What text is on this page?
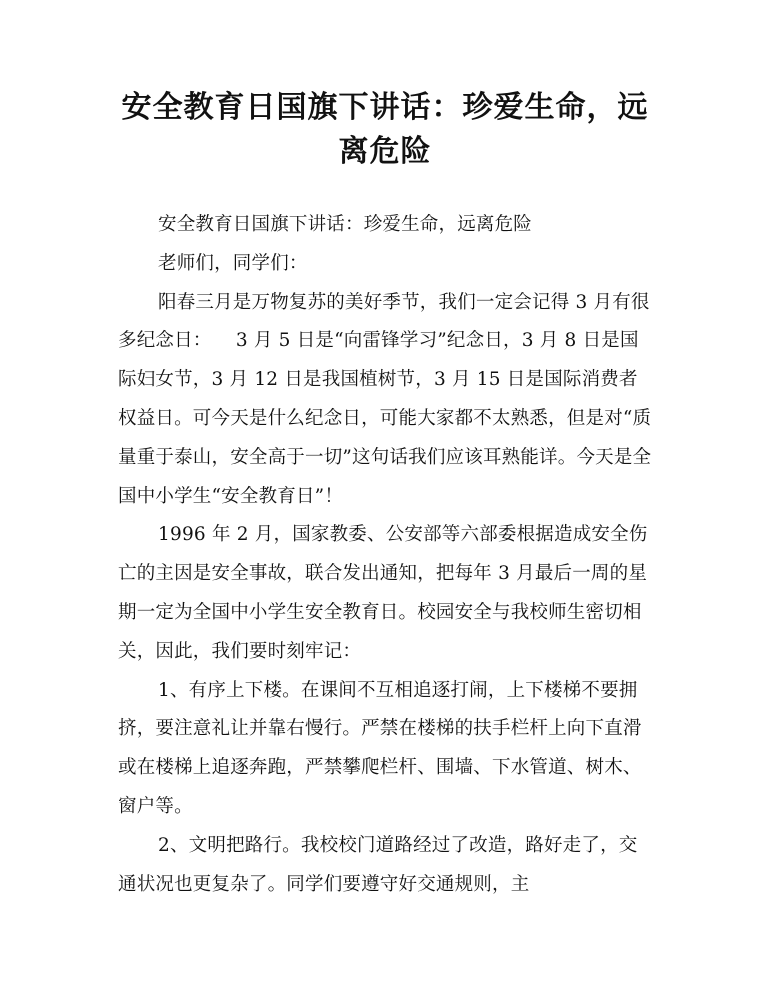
安全教育日国旗下讲话：珍爱生命，远离危险

安全教育日国旗下讲话：珍爱生命，远离危险

老师们，同学们：

阳春三月是万物复苏的美好季节，我们一定会记得 3 月有很多纪念日：    3 月 5 日是“向雷锋学习”纪念日，3 月 8 日是国际妇女节，3 月 12 日是我国植树节，3 月 15 日是国际消费者权益日。可今天是什么纪念日，可能大家都不太熟悉，但是对“质量重于泰山，安全高于一切”这句话我们应该耳熟能详。今天是全国中小学生“安全教育日”！

1996 年 2 月，国家教委、公安部等六部委根据造成安全伤亡的主因是安全事故，联合发出通知，把每年 3 月最后一周的星期一定为全国中小学生安全教育日。校园安全与我校师生密切相关，因此，我们要时刻牢记：

1、有序上下楼。在课间不互相追逐打闹，上下楼梯不要拥挤，要注意礼让并靠右慢行。严禁在楼梯的扶手栏杆上向下直滑或在楼梯上追逐奔跑，严禁攀爬栏杆、围墙、下水管道、树木、窗户等。

2、文明把路行。我校校门道路经过了改造，路好走了，交通状况也更复杂了。同学们要遵守好交通规则，主
